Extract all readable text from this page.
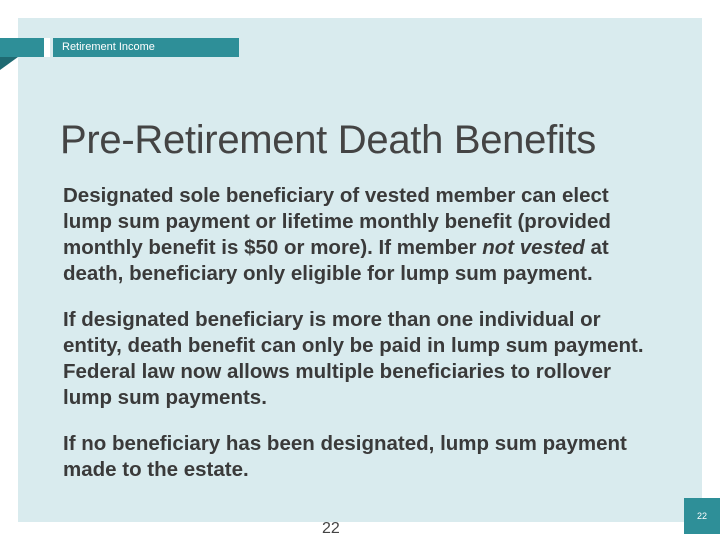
Retirement Income
Pre-Retirement Death Benefits

Designated sole beneficiary of vested member can elect lump sum payment or lifetime monthly benefit (provided monthly benefit is $50 or more). If member not vested at death, beneficiary only eligible for lump sum payment.

If designated beneficiary is more than one individual or entity, death benefit can only be paid in lump sum payment. Federal law now allows multiple beneficiaries to rollover lump sum payments.

If no beneficiary has been designated, lump sum payment made to the estate.

22
22
